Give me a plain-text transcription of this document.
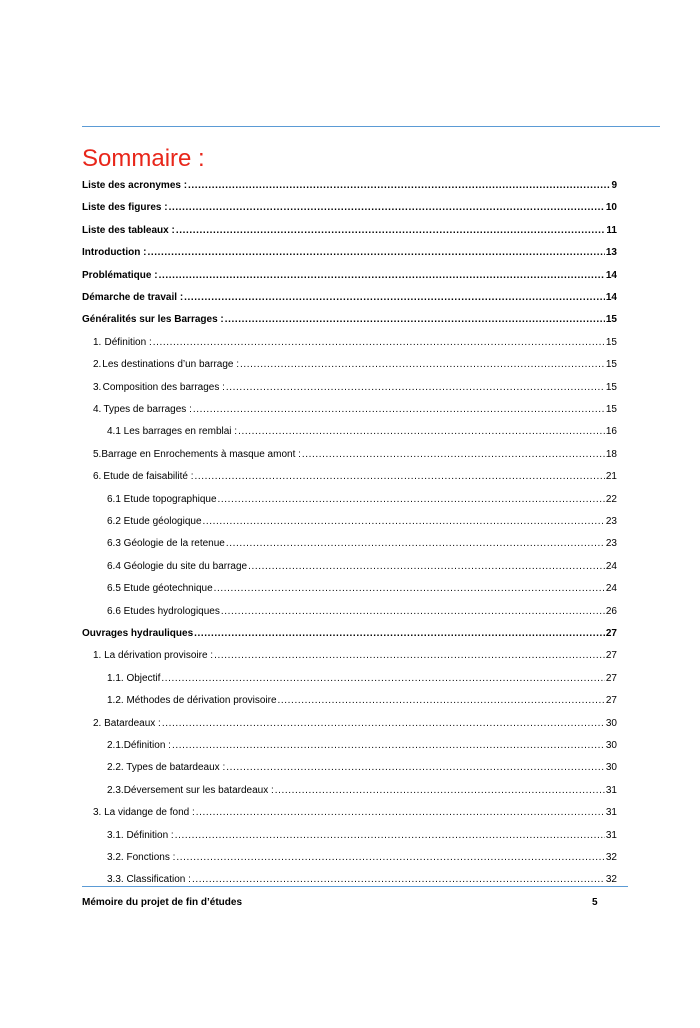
Sommaire :
Liste des acronymes : .....	9
Liste des figures : .....	10
Liste des tableaux : .....	11
Introduction : .....	13
Problématique : .....	14
Démarche de travail : .....	14
Généralités sur les Barrages : .....	15
1. Définition : .....	15
2. Les destinations d’un barrage : .....	15
3. Composition des barrages : .....	15
4. Types de barrages : .....	15
4.1 Les barrages en remblai : .....	16
5. Barrage en Enrochements à masque amont : .....	18
6. Etude de faisabilité : .....	21
6.1 Etude topographique .....	22
6.2 Etude géologique .....	23
6.3 Géologie de la retenue .....	23
6.4 Géologie du site du barrage .....	24
6.5 Etude géotechnique .....	24
6.6 Etudes hydrologiques .....	26
Ouvrages hydrauliques .....	27
1. La dérivation provisoire : .....	27
1.1. Objectif .....	27
1.2. Méthodes de dérivation provisoire .....	27
2. Batardeaux : .....	30
2.1. Définition : .....	30
2.2. Types de batardeaux : .....	30
2.3. Déversement sur les batardeaux : .....	31
3. La vidange de fond : .....	31
3.1. Définition : .....	31
3.2. Fonctions : .....	32
3.3. Classification : .....	32
Mémoire du projet de fin d’études	5
